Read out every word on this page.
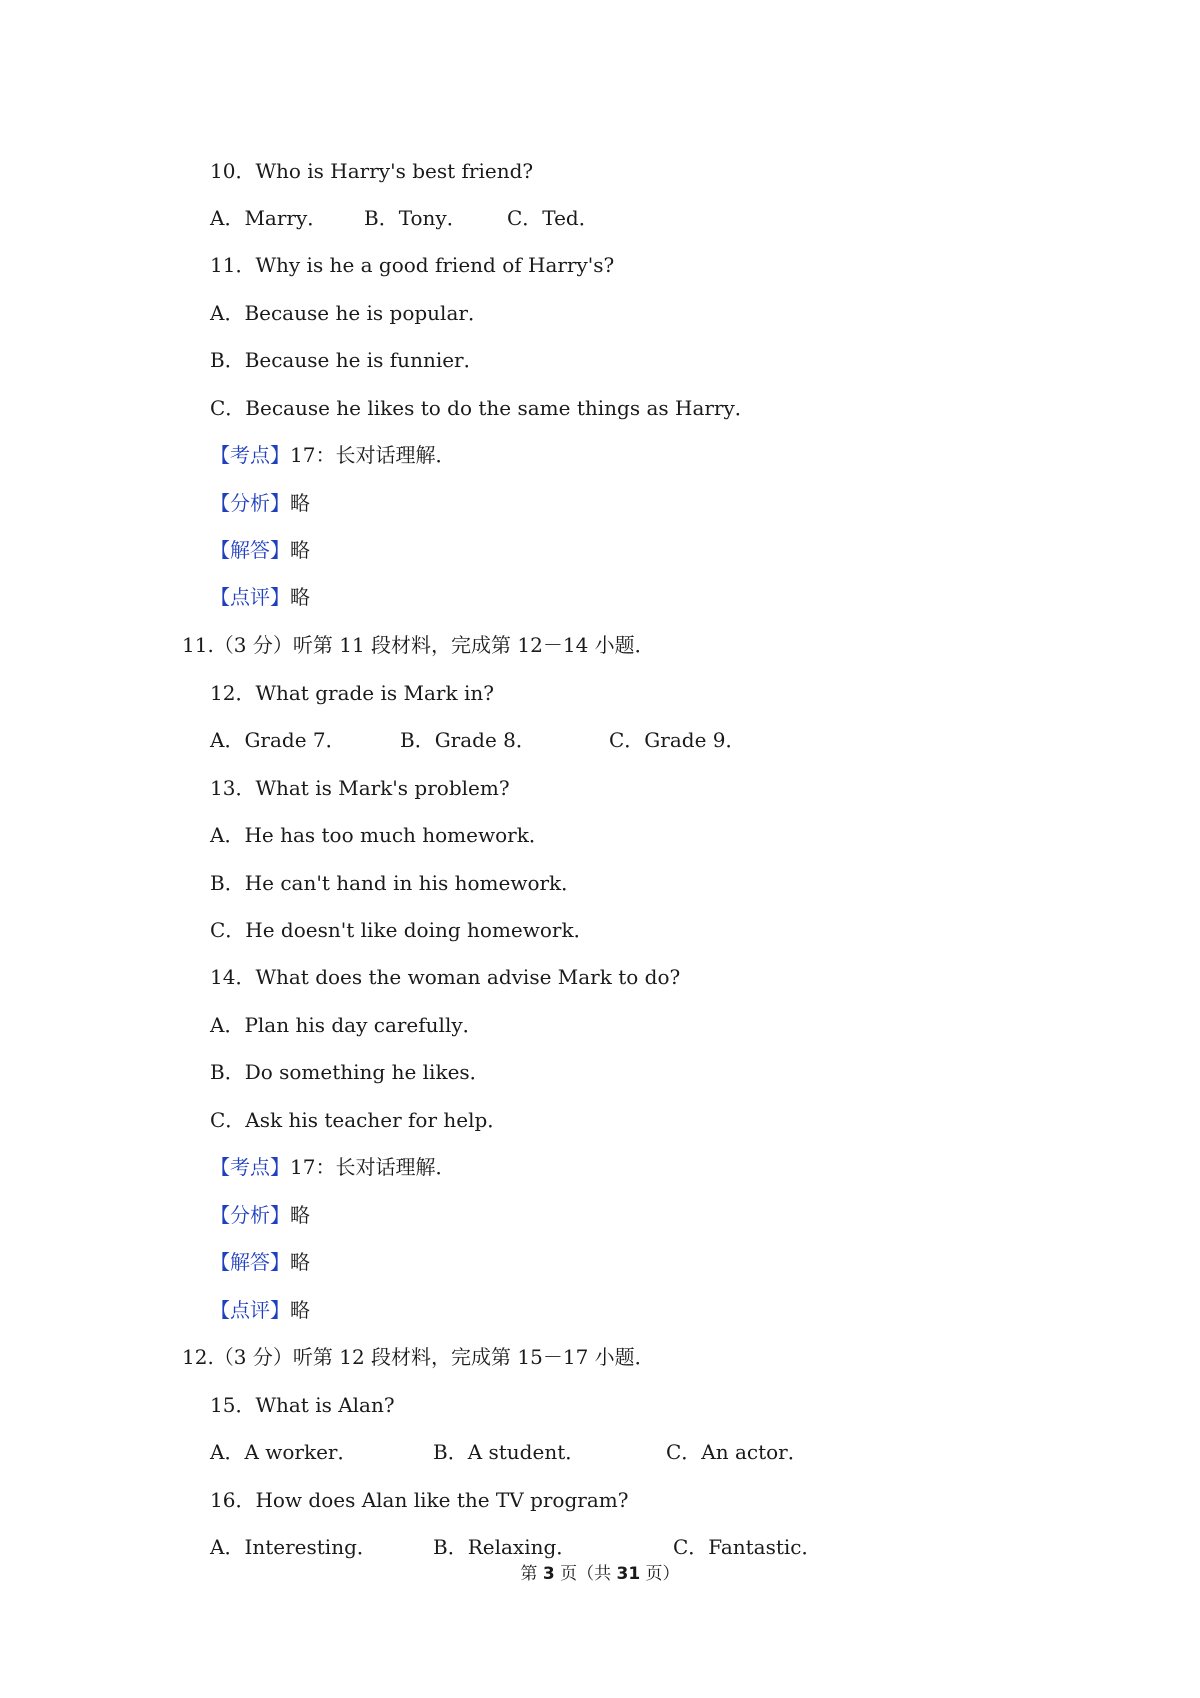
10．Who is Harry's best friend?
A．Marry． B．Tony． C．Ted．
11．Why is he a good friend of Harry's?
A．Because he is popular．
B．Because he is funnier．
C．Because he likes to do the same things as Harry．
【考点】17：长对话理解．
【分析】略
【解答】略
【点评】略
11.（3 分）听第 11 段材料，完成第 12－14 小题．
12．What grade is Mark in?
A．Grade 7．	B．Grade 8．	C．Grade 9．
13．What is Mark's problem?
A．He has too much homework．
B．He can't hand in his homework．
C．He doesn't like doing homework．
14．What does the woman advise Mark to do?
A．Plan his day carefully．
B．Do something he likes．
C．Ask his teacher for help．
【考点】17：长对话理解．
【分析】略
【解答】略
【点评】略
12.（3 分）听第 12 段材料，完成第 15－17 小题．
15．What is Alan?
A．A worker．	B．A student．	C．An actor．
16．How does Alan like the TV program?
A．Interesting．	B．Relaxing．	C．Fantastic．
第 3 页（共 31 页）
